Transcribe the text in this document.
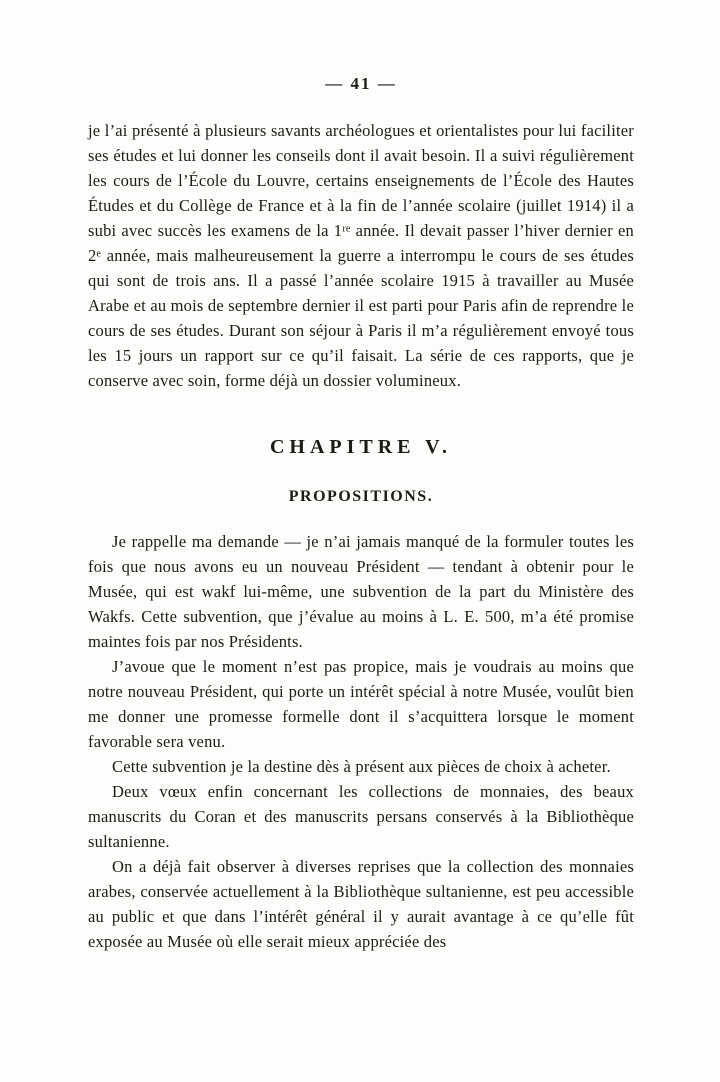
— 41 —

je l’ai présenté à plusieurs savants archéologues et orientalistes pour lui faciliter ses études et lui donner les conseils dont il avait besoin. Il a suivi régulièrement les cours de l’École du Louvre, certains enseignements de l’École des Hautes Études et du Collège de France et à la fin de l’année scolaire (juillet 1914) il a subi avec succès les examens de la 1ʳᵉ année. Il devait passer l’hiver dernier en 2ᵉ année, mais malheureusement la guerre a interrompu le cours de ses études qui sont de trois ans. Il a passé l’année scolaire 1915 à travailler au Musée Arabe et au mois de septembre dernier il est parti pour Paris afin de reprendre le cours de ses études. Durant son séjour à Paris il m’a régulièrement envoyé tous les 15 jours un rapport sur ce qu’il faisait. La série de ces rapports, que je conserve avec soin, forme déjà un dossier volumineux.

CHAPITRE V.
PROPOSITIONS.

Je rappelle ma demande — je n’ai jamais manqué de la formuler toutes les fois que nous avons eu un nouveau Président — tendant à obtenir pour le Musée, qui est wakf lui-même, une subvention de la part du Ministère des Wakfs. Cette subvention, que j’évalue au moins à L. E. 500, m’a été promise maintes fois par nos Présidents.

J’avoue que le moment n’est pas propice, mais je voudrais au moins que notre nouveau Président, qui porte un intérêt spécial à notre Musée, voulût bien me donner une promesse formelle dont il s’acquittera lorsque le moment favorable sera venu.

Cette subvention je la destine dès à présent aux pièces de choix à acheter.

Deux vœux enfin concernant les collections de monnaies, des beaux manuscrits du Coran et des manuscrits persans conservés à la Bibliothèque sultanienne.

On a déjà fait observer à diverses reprises que la collection des monnaies arabes, conservée actuellement à la Bibliothèque sultanienne, est peu accessible au public et que dans l’intérêt général il y aurait avantage à ce qu’elle fût exposée au Musée où elle serait mieux appréciée des
